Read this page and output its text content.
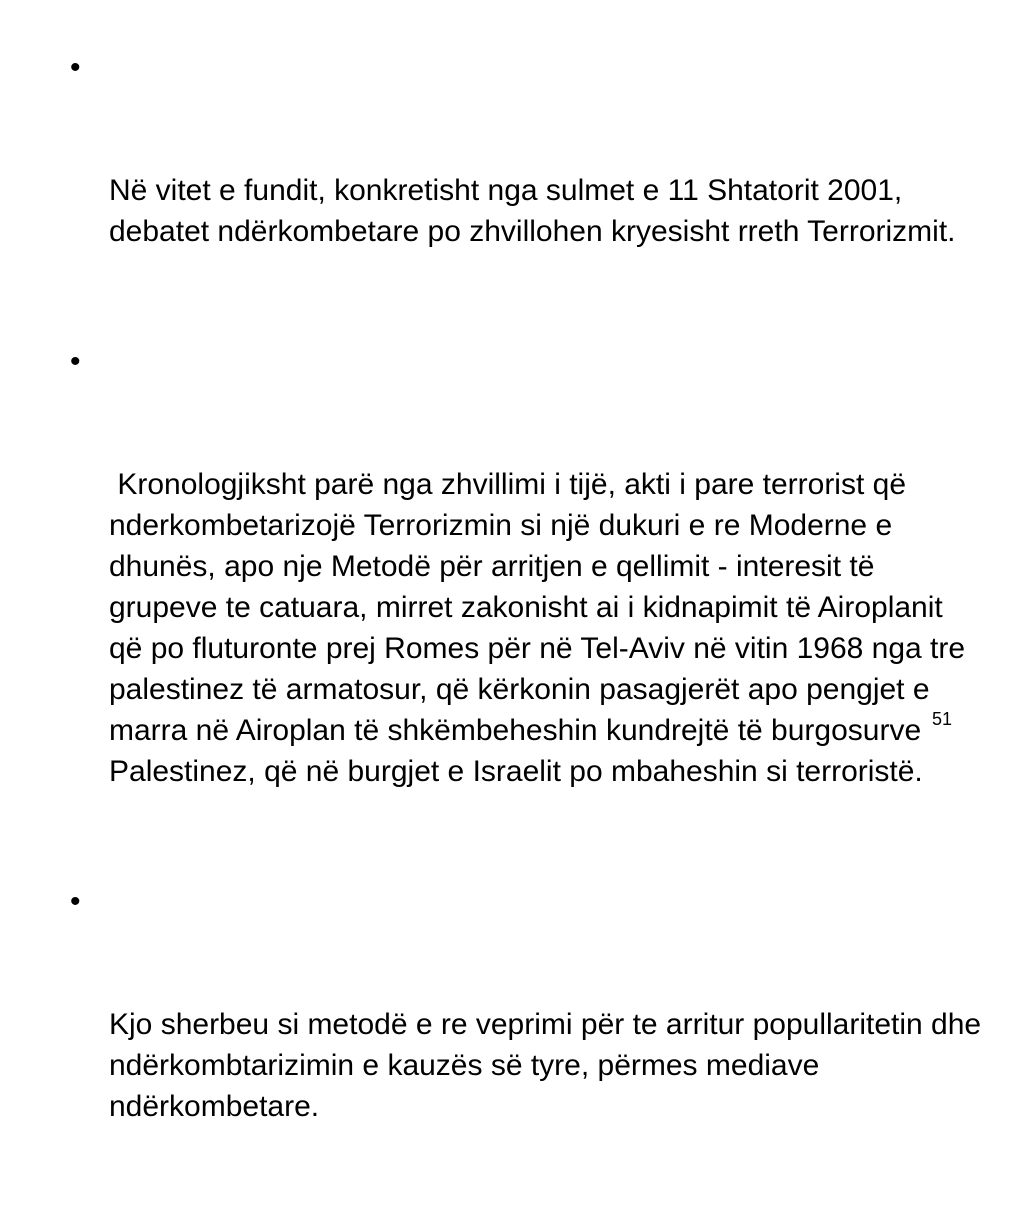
•

Në vitet e fundit, konkretisht nga sulmet e 11 Shtatorit 2001, debatet ndërkombetare po zhvillohen kryesisht rreth Terrorizmit.

•

Kronologjiksht parë nga zhvillimi i tijë, akti i pare terrorist që nderkombetarizojë Terrorizmin si një dukuri e re Moderne e dhunës, apo nje Metodë për arritjen e qellimit - interesit të grupeve te catuara, mirret zakonisht ai i kidnapimit të Airoplanit që po fluturonte prej Romes për në Tel-Aviv në vitin 1968 nga tre palestinez të armatosur, që kërkonin pasagjerët apo pengjet e marra në Airoplan të shkëmbeheshin kundrejtë të burgosurve Palestinez, që në burgjet e Israelit po mbaheshin si terroristë.

•

Kjo sherbeu si metodë e re veprimi për te arritur popullaritetin dhe ndërkombtarizimin e kauzës së tyre, përmes mediave ndërkombetare.

51
